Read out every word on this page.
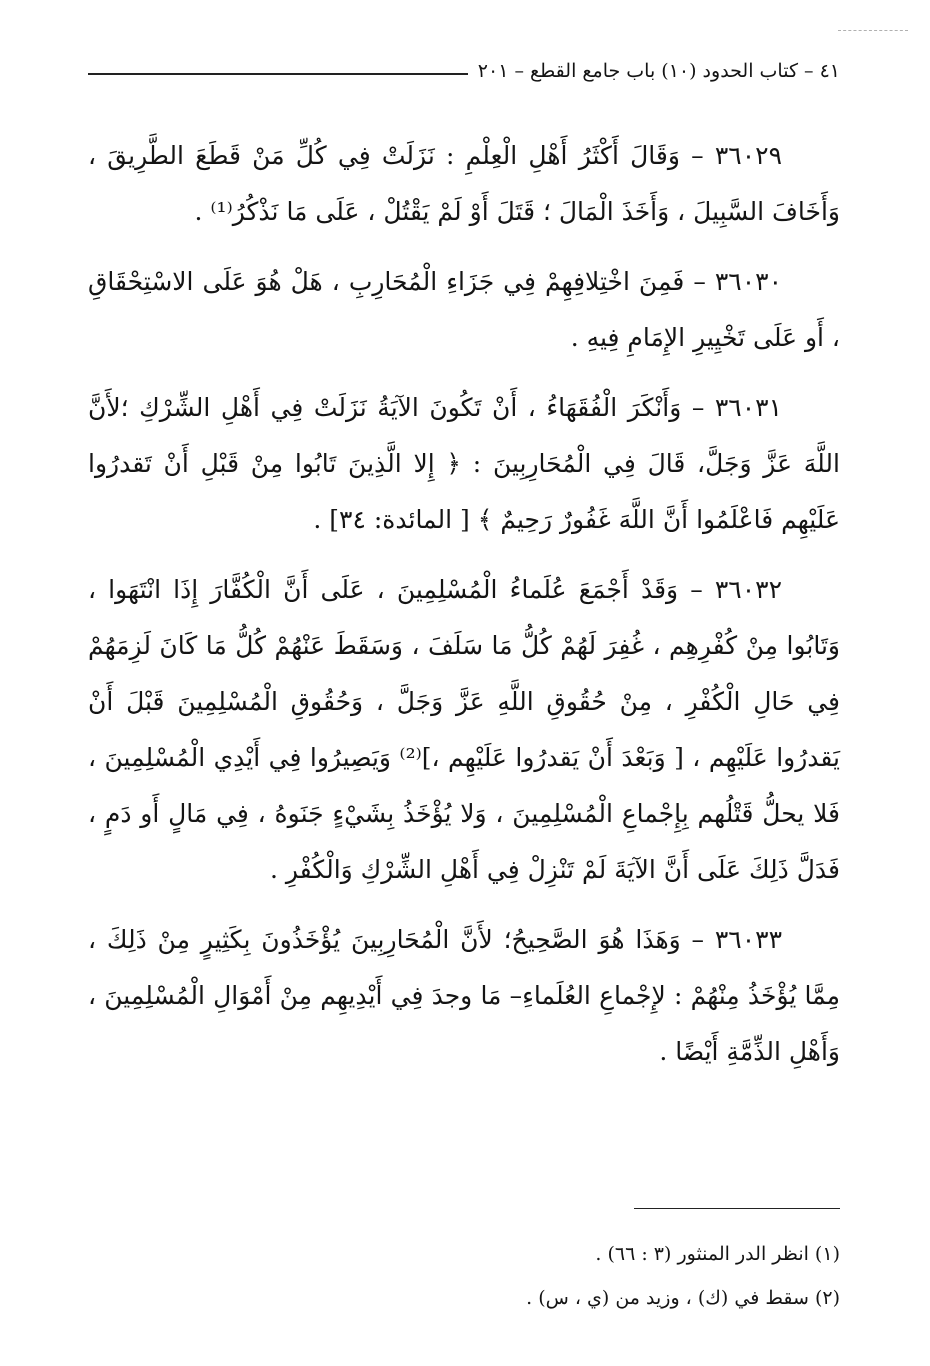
٤١ – كتاب الحدود (١٠) باب جامع القطع – ٢٠١

٣٦٠٢٩ – وَقَالَ أَكْثَرُ أَهْلِ الْعِلْمِ : نَزَلَتْ فِي كُلِّ مَنْ قَطَعَ الطَّرِيقَ ، وَأَخَافَ السَّبِيلَ ، وَأَخَذَ الْمَالَ ؛ قَتَلَ أَوْ لَمْ يَقْتُلْ ، عَلَى مَا نَذْكُرُ⁽¹⁾ .

٣٦٠٣٠ – فَمِنَ اخْتِلافِهِمْ فِي جَزَاءِ الْمُحَارِبِ ، هَلْ هُوَ عَلَى الاسْتِحْقَاقِ ، أَو عَلَى تَخْيِيرِ الإِمَامِ فِيهِ .

٣٦٠٣١ – وَأَنْكَرَ الْفُقَهَاءُ ، أَنْ تَكُونَ الآيَةُ نَزَلَتْ فِي أَهْلِ الشِّرْكِ ؛لأَنَّ اللَّهَ عَزَّ وَجَلَّ، قَالَ فِي الْمُحَارِبِينَ : ﴿ إِلا الَّذِينَ تَابُوا مِنْ قَبْلِ أَنْ تَقدرُوا عَلَيْهِم فَاعْلَمُوا أَنَّ اللَّهَ غَفُورٌ رَحِيمٌ ﴾ [ المائدة: ٣٤] .

٣٦٠٣٢ – وَقَدْ أَجْمَعَ عُلَماءُ الْمُسْلِمِينَ ، عَلَى أَنَّ الْكُفَّارَ إِذَا انْتَهَوا ، وَتَابُوا مِنْ كُفْرِهِم ، غُفِرَ لَهُمْ كُلُّ مَا سَلَفَ ، وَسَقَطَ عَنْهُمْ كُلُّ مَا كَانَ لَزِمَهُمْ فِي حَالِ الْكُفْرِ ، مِنْ حُقُوقِ اللَّهِ عَزَّ وَجَلَّ ، وَحُقُوقِ الْمُسْلِمِينَ قَبْلَ أَنْ يَقدرُوا عَلَيْهِم ، [ وَبَعْدَ أَنْ يَقدرُوا عَلَيْهِم ،]⁽²⁾ وَيَصِيرُوا فِي أَيْدِي الْمُسْلِمِينَ ، فَلا يحلُّ قَتْلُهم بِإِجْماعِ الْمُسْلِمِينَ ، وَلا يُؤْخَذُ بِشَيْءٍ جَنَوهُ ، فِي مَالٍ أَو دَمٍ ، فَدَلَّ ذَلِكَ عَلَى أَنَّ الآيَةَ لَمْ تَنْزِلْ فِي أَهْلِ الشِّرْكِ وَالْكُفْرِ .

٣٦٠٣٣ – وَهَذَا هُوَ الصَّحِيحُ؛ لأَنَّ الْمُحَارِبِينَ يُؤْخَذُونَ بِكَثِيرٍ مِنْ ذَلِكَ ، مِمَّا يُؤْخَذُ مِنْهُمْ : لإِجْماعِ العُلَماءِ– مَا وجدَ فِي أَيْدِيهِم مِنْ أَمْوَالِ الْمُسْلِمِينَ ، وَأَهْلِ الذِّمَّةِ أَيْضًا .

(١) انظر الدر المنثور (٣ : ٦٦) .

(٢) سقط في (ك) ، وزيد من (ي ، س) .
